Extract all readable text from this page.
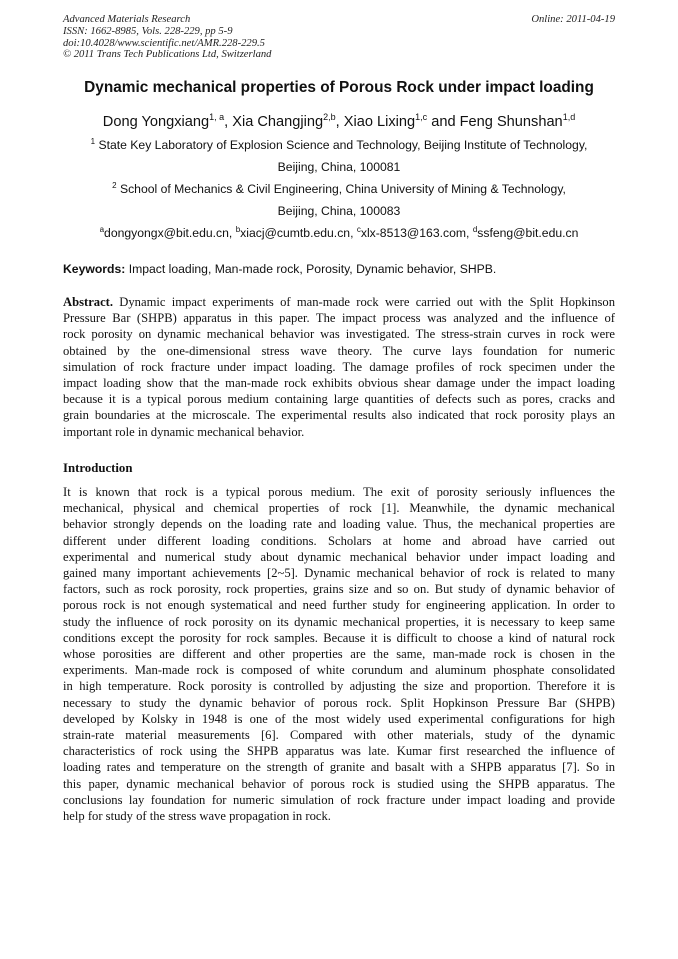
Advanced Materials Research
ISSN: 1662-8985, Vols. 228-229, pp 5-9
doi:10.4028/www.scientific.net/AMR.228-229.5
© 2011 Trans Tech Publications Ltd, Switzerland
Online: 2011-04-19
Dynamic mechanical properties of Porous Rock under impact loading
Dong Yongxiang$^{1, a}$, Xia Changjing$^{2,b}$, Xiao Lixing$^{1,c}$ and Feng Shunshan$^{1,d}$
$^1$ State Key Laboratory of Explosion Science and Technology, Beijing Institute of Technology,
Beijing, China, 100081
$^2$ School of Mechanics & Civil Engineering, China University of Mining & Technology,
Beijing, China, 100083
$^a$dongyongx@bit.edu.cn, $^b$xiacj@cumtb.edu.cn, $^c$xlx-8513@163.com, $^d$ssfeng@bit.edu.cn
Keywords: Impact loading, Man-made rock, Porosity, Dynamic behavior, SHPB.
Abstract. Dynamic impact experiments of man-made rock were carried out with the Split Hopkinson
Pressure Bar (SHPB) apparatus in this paper. The impact process was analyzed and the influence of
rock porosity on dynamic mechanical behavior was investigated. The stress-strain curves in rock were
obtained by the one-dimensional stress wave theory. The curve lays foundation for numeric
simulation of rock fracture under impact loading. The damage profiles of rock specimen under the
impact loading show that the man-made rock exhibits obvious shear damage under the impact loading
because it is a typical porous medium containing large quantities of defects such as pores, cracks and
grain boundaries at the microscale. The experimental results also indicated that rock porosity plays an
important role in dynamic mechanical behavior.
Introduction
It is known that rock is a typical porous medium. The exit of porosity seriously influences the
mechanical, physical and chemical properties of rock [1]. Meanwhile, the dynamic mechanical
behavior strongly depends on the loading rate and loading value. Thus, the mechanical properties are
different under different loading conditions. Scholars at home and abroad have carried out
experimental and numerical study about dynamic mechanical behavior under impact loading and
gained many important achievements [2~5]. Dynamic mechanical behavior of rock is related to many
factors, such as rock porosity, rock properties, grains size and so on. But study of dynamic behavior of
porous rock is not enough systematical and need further study for engineering application. In order to
study the influence of rock porosity on its dynamic mechanical properties, it is necessary to keep same
conditions except the porosity for rock samples. Because it is difficult to choose a kind of natural rock
whose porosities are different and other properties are the same, man-made rock is chosen in the
experiments. Man-made rock is composed of white corundum and aluminum phosphate consolidated
in high temperature. Rock porosity is controlled by adjusting the size and proportion. Therefore it is
necessary to study the dynamic behavior of porous rock. Split Hopkinson Pressure Bar (SHPB)
developed by Kolsky in 1948 is one of the most widely used experimental configurations for high
strain-rate material measurements [6]. Compared with other materials, study of the dynamic
characteristics of rock using the SHPB apparatus was late. Kumar first researched the influence of
loading rates and temperature on the strength of granite and basalt with a SHPB apparatus [7]. So in
this paper, dynamic mechanical behavior of porous rock is studied using the SHPB apparatus. The
conclusions lay foundation for numeric simulation of rock fracture under impact loading and provide
help for study of the stress wave propagation in rock.
